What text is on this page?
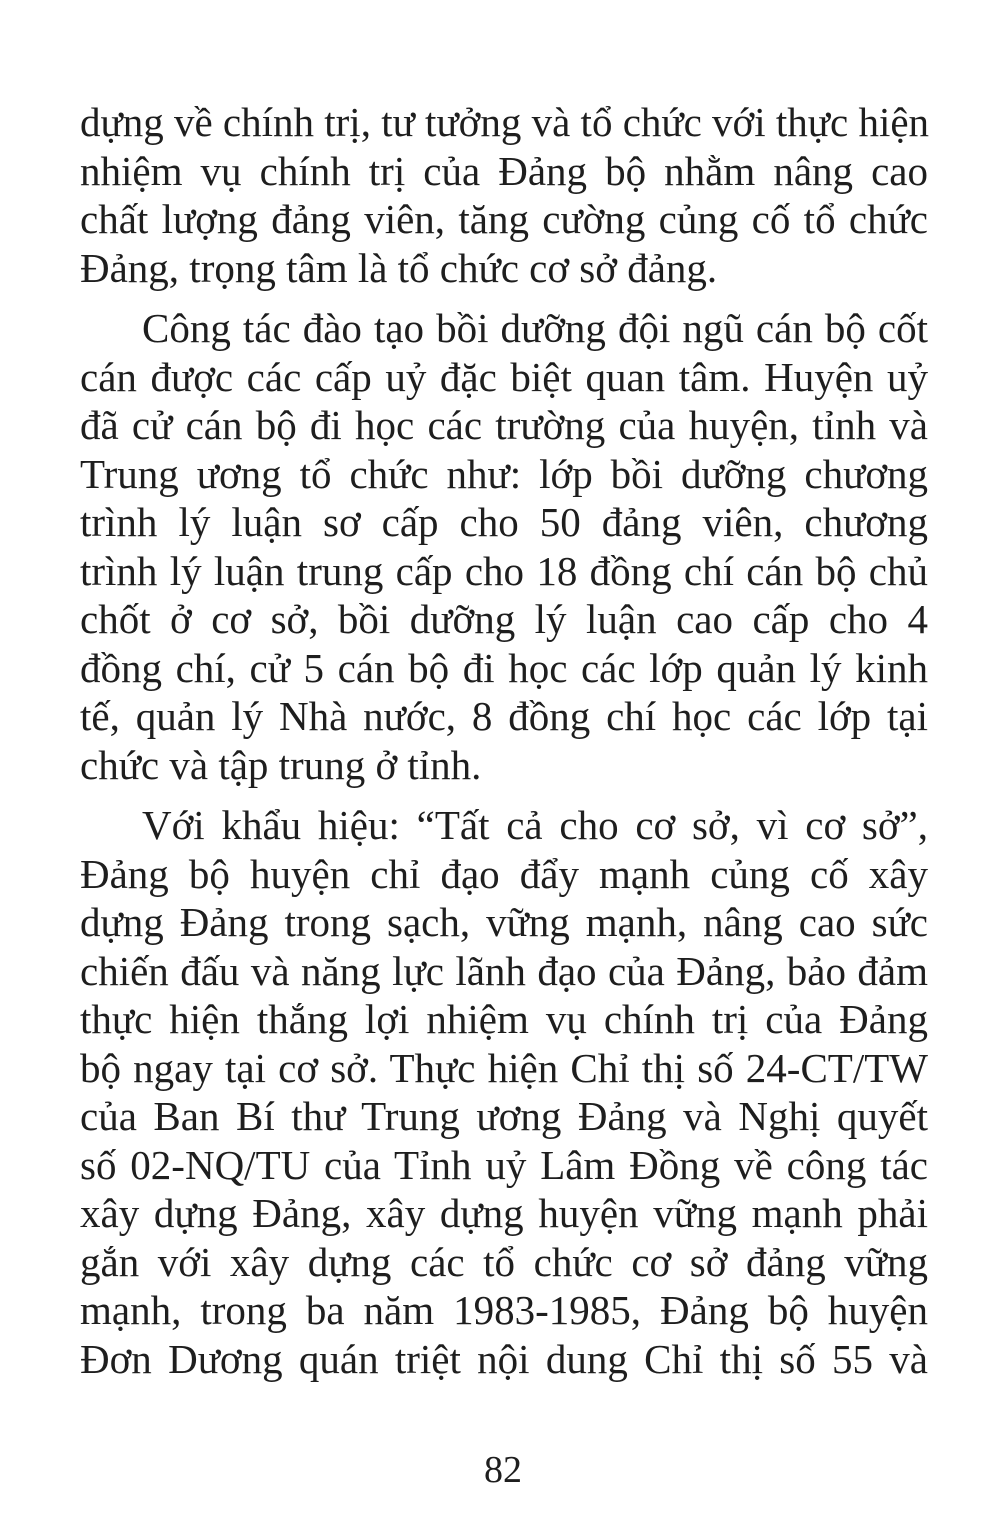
dựng về chính trị, tư tưởng và tổ chức với thực hiện
nhiệm vụ chính trị của Đảng bộ nhằm nâng cao
chất lượng đảng viên, tăng cường củng cố tổ chức
Đảng, trọng tâm là tổ chức cơ sở đảng.
Công tác đào tạo bồi dưỡng đội ngũ cán bộ cốt
cán được các cấp uỷ đặc biệt quan tâm. Huyện uỷ
đã cử cán bộ đi học các trường của huyện, tỉnh và
Trung ương tổ chức như: lớp bồi dưỡng chương
trình lý luận sơ cấp cho 50 đảng viên, chương
trình lý luận trung cấp cho 18 đồng chí cán bộ chủ
chốt ở cơ sở, bồi dưỡng lý luận cao cấp cho 4
đồng chí, cử 5 cán bộ đi học các lớp quản lý kinh
tế, quản lý Nhà nước, 8 đồng chí học các lớp tại
chức và tập trung ở tỉnh.
Với khẩu hiệu: “Tất cả cho cơ sở, vì cơ sở”,
Đảng bộ huyện chỉ đạo đẩy mạnh củng cố xây
dựng Đảng trong sạch, vững mạnh, nâng cao sức
chiến đấu và năng lực lãnh đạo của Đảng, bảo đảm
thực hiện thắng lợi nhiệm vụ chính trị của Đảng
bộ ngay tại cơ sở. Thực hiện Chỉ thị số 24-CT/TW
của Ban Bí thư Trung ương Đảng và Nghị quyết
số 02-NQ/TU của Tỉnh uỷ Lâm Đồng về công tác
xây dựng Đảng, xây dựng huyện vững mạnh phải
gắn với xây dựng các tổ chức cơ sở đảng vững
mạnh, trong ba năm 1983-1985, Đảng bộ huyện
Đơn Dương quán triệt nội dung Chỉ thị số 55 và
82
